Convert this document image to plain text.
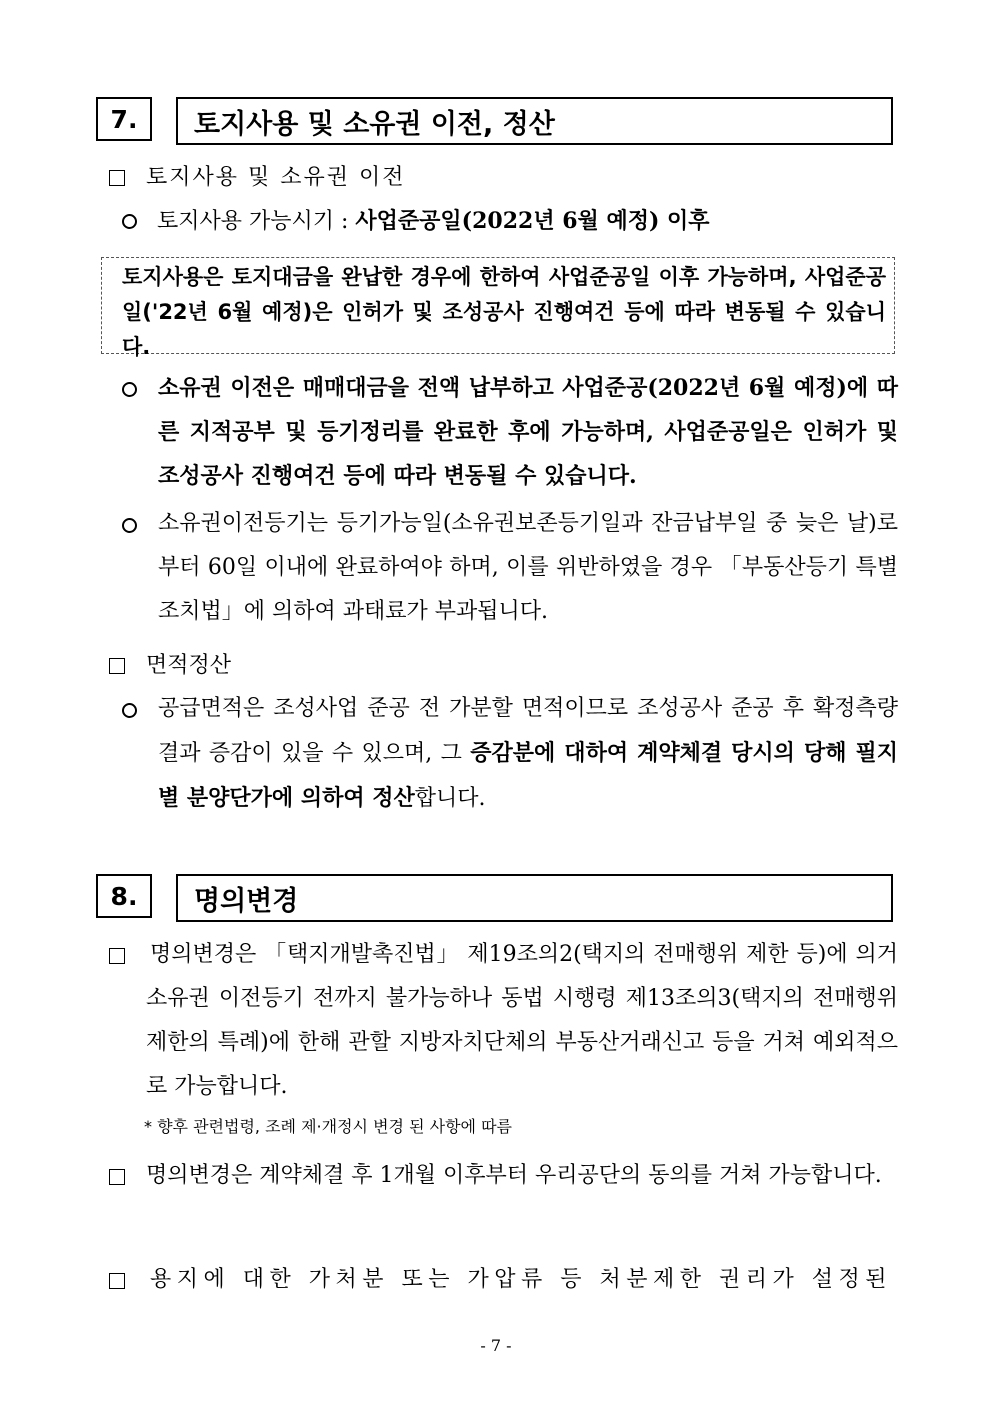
7.	토지사용 및 소유권 이전, 정산
토지사용 및 소유권 이전
토지사용 가능시기 : 사업준공일(2022년 6월 예정) 이후
토지사용은 토지대금을 완납한 경우에 한하여 사업준공일 이후 가능하며, 사업준공일('22년 6월 예정)은 인허가 및 조성공사 진행여건 등에 따라 변동될 수 있습니다.
소유권 이전은 매매대금을 전액 납부하고 사업준공(2022년 6월 예정)에 따른 지적공부 및 등기정리를 완료한 후에 가능하며, 사업준공일은 인허가 및 조성공사 진행여건 등에 따라 변동될 수 있습니다.
소유권이전등기는 등기가능일(소유권보존등기일과 잔금납부일 중 늦은 날)로부터 60일 이내에 완료하여야 하며, 이를 위반하였을 경우 「부동산등기 특별조치법」에 의하여 과태료가 부과됩니다.
면적정산
공급면적은 조성사업 준공 전 가분할 면적이므로 조성공사 준공 후 확정측량 결과 증감이 있을 수 있으며, 그 증감분에 대하여 계약체결 당시의 당해 필지별 분양단가에 의하여 정산합니다.
8.	명의변경
명의변경은 「택지개발촉진법」 제19조의2(택지의 전매행위 제한 등)에 의거 소유권 이전등기 전까지 불가능하나 동법 시행령 제13조의3(택지의 전매행위 제한의 특례)에 한해 관할 지방자치단체의 부동산거래신고 등을 거쳐 예외적으로 가능합니다.
* 향후 관련법령, 조례 제·개정시 변경 된 사항에 따름
명의변경은 계약체결 후 1개월 이후부터 우리공단의 동의를 거쳐 가능합니다.
용지에 대한 가처분 또는 가압류 등 처분제한 권리가 설정된
- 7 -
